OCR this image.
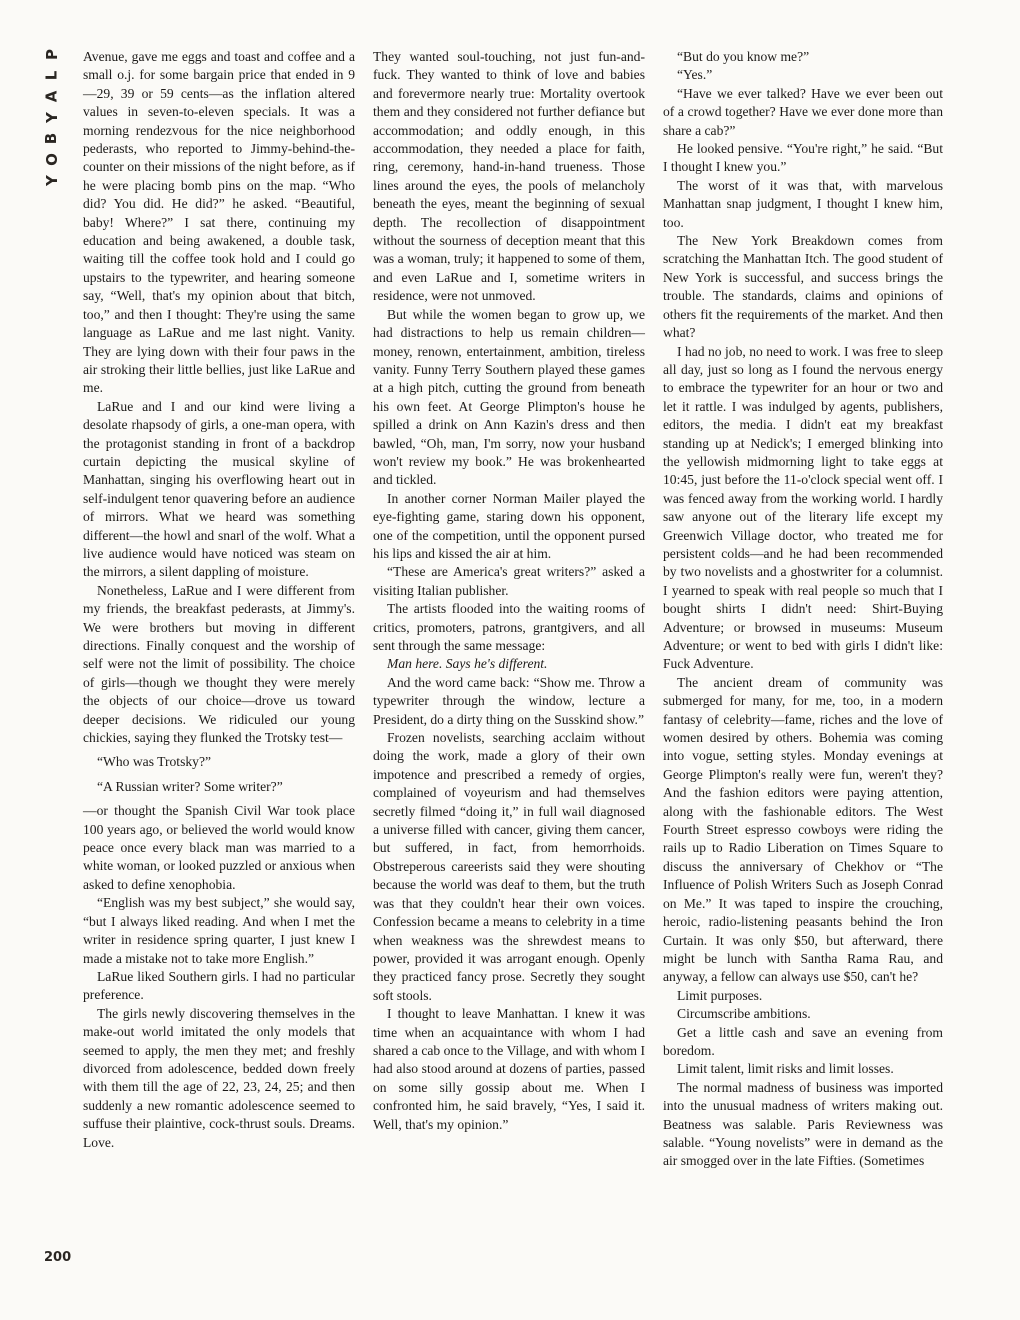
P
L
A
Y
B
O
Y
200

Avenue, gave me eggs and toast and coffee and a small o.j. for some bargain price that ended in 9—29, 39 or 59 cents—as the inflation altered values in seven-to-eleven specials. It was a morning rendezvous for the nice neighborhood pederasts, who reported to Jimmy-behind-the-counter on their missions of the night before, as if he were placing bomb pins on the map. “Who did? You did. He did?” he asked. “Beautiful, baby! Where?” I sat there, continuing my education and being awakened, a double task, waiting till the coffee took hold and I could go upstairs to the typewriter, and hearing someone say, “Well, that's my opinion about that bitch, too,” and then I thought: They're using the same language as LaRue and me last night. Vanity. They are lying down with their four paws in the air stroking their little bellies, just like LaRue and me.

LaRue and I and our kind were living a desolate rhapsody of girls, a one-man opera, with the protagonist standing in front of a backdrop curtain depicting the musical skyline of Manhattan, singing his overflowing heart out in self-indulgent tenor quavering before an audience of mirrors. What we heard was something different—the howl and snarl of the wolf. What a live audience would have noticed was steam on the mirrors, a silent dappling of moisture.

Nonetheless, LaRue and I were different from my friends, the breakfast pederasts, at Jimmy's. We were brothers but moving in different directions. Finally conquest and the worship of self were not the limit of possibility. The choice of girls—though we thought they were merely the objects of our choice—drove us toward deeper decisions. We ridiculed our young chickies, saying they flunked the Trotsky test—

“Who was Trotsky?”

“A Russian writer? Some writer?”

—or thought the Spanish Civil War took place 100 years ago, or believed the world would know peace once every black man was married to a white woman, or looked puzzled or anxious when asked to define xenophobia.

“English was my best subject,” she would say, “but I always liked reading. And when I met the writer in residence spring quarter, I just knew I made a mistake not to take more English.”

LaRue liked Southern girls. I had no particular preference.

The girls newly discovering themselves in the make-out world imitated the only models that seemed to apply, the men they met; and freshly divorced from adolescence, bedded down freely with them till the age of 22, 23, 24, 25; and then suddenly a new romantic adolescence seemed to suffuse their plaintive, cock-thrust souls. Dreams. Love.

They wanted soul-touching, not just fun-and-fuck. They wanted to think of love and babies and forevermore nearly true: Mortality overtook them and they considered not further defiance but accommodation; and oddly enough, in this accommodation, they needed a place for faith, ring, ceremony, hand-in-hand trueness. Those lines around the eyes, the pools of melancholy beneath the eyes, meant the beginning of sexual depth. The recollection of disappointment without the sourness of deception meant that this was a woman, truly; it happened to some of them, and even LaRue and I, sometime writers in residence, were not unmoved.

But while the women began to grow up, we had distractions to help us remain children—money, renown, entertainment, ambition, tireless vanity. Funny Terry Southern played these games at a high pitch, cutting the ground from beneath his own feet. At George Plimpton's house he spilled a drink on Ann Kazin's dress and then bawled, “Oh, man, I'm sorry, now your husband won't review my book.” He was brokenhearted and tickled.

In another corner Norman Mailer played the eye-fighting game, staring down his opponent, one of the competition, until the opponent pursed his lips and kissed the air at him.

“These are America's great writers?” asked a visiting Italian publisher.

The artists flooded into the waiting rooms of critics, promoters, patrons, grantgivers, and all sent through the same message:

Man here. Says he's different.

And the word came back: “Show me. Throw a typewriter through the window, lecture a President, do a dirty thing on the Susskind show.”

Frozen novelists, searching acclaim without doing the work, made a glory of their own impotence and prescribed a remedy of orgies, complained of voyeurism and had themselves secretly filmed “doing it,” in full wail diagnosed a universe filled with cancer, giving them cancer, but suffered, in fact, from hemorrhoids. Obstreperous careerists said they were shouting because the world was deaf to them, but the truth was that they couldn't hear their own voices. Confession became a means to celebrity in a time when weakness was the shrewdest means to power, provided it was arrogant enough. Openly they practiced fancy prose. Secretly they sought soft stools.

I thought to leave Manhattan. I knew it was time when an acquaintance with whom I had shared a cab once to the Village, and with whom I had also stood around at dozens of parties, passed on some silly gossip about me. When I confronted him, he said bravely, “Yes, I said it. Well, that's my opinion.”

“But do you know me?”

“Yes.”

“Have we ever talked? Have we ever been out of a crowd together? Have we ever done more than share a cab?”

He looked pensive. “You're right,” he said. “But I thought I knew you.”

The worst of it was that, with marvelous Manhattan snap judgment, I thought I knew him, too.

The New York Breakdown comes from scratching the Manhattan Itch. The good student of New York is successful, and success brings the trouble. The standards, claims and opinions of others fit the requirements of the market. And then what?

I had no job, no need to work. I was free to sleep all day, just so long as I found the nervous energy to embrace the typewriter for an hour or two and let it rattle. I was indulged by agents, publishers, editors, the media. I didn't eat my breakfast standing up at Nedick's; I emerged blinking into the yellowish midmorning light to take eggs at 10:45, just before the 11-o'clock special went off. I was fenced away from the working world. I hardly saw anyone out of the literary life except my Greenwich Village doctor, who treated me for persistent colds—and he had been recommended by two novelists and a ghostwriter for a columnist. I yearned to speak with real people so much that I bought shirts I didn't need: Shirt-Buying Adventure; or browsed in museums: Museum Adventure; or went to bed with girls I didn't like: Fuck Adventure.

The ancient dream of community was submerged for many, for me, too, in a modern fantasy of celebrity—fame, riches and the love of women desired by others. Bohemia was coming into vogue, setting styles. Monday evenings at George Plimpton's really were fun, weren't they? And the fashion editors were paying attention, along with the fashionable editors. The West Fourth Street espresso cowboys were riding the rails up to Radio Liberation on Times Square to discuss the anniversary of Chekhov or “The Influence of Polish Writers Such as Joseph Conrad on Me.” It was taped to inspire the crouching, heroic, radio-listening peasants behind the Iron Curtain. It was only $50, but afterward, there might be lunch with Santha Rama Rau, and anyway, a fellow can always use $50, can't he?

Limit purposes.

Circumscribe ambitions.

Get a little cash and save an evening from boredom.

Limit talent, limit risks and limit losses.

The normal madness of business was imported into the unusual madness of writers making out. Beatness was salable. Paris Reviewness was salable. “Young novelists” were in demand as the air smogged over in the late Fifties. (Sometimes
